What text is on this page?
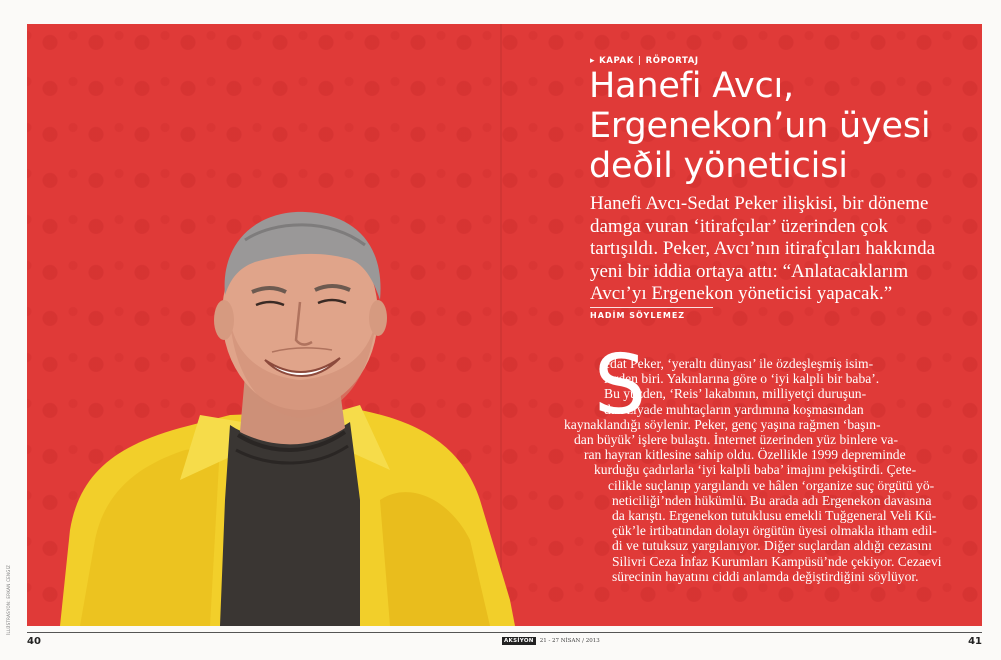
İLLÜSTRASYON: ERKAN CENGİZ
▸ KAPAK | RÖPORTAJ
Hanefi Avcı,
Ergenekon’un üyesi
deðil yöneticisi

Hanefi Avcı-Sedat Peker ilişkisi, bir döneme
damga vuran ‘itirafçılar’ üzerinden çok
tartışıldı. Peker, Avcı’nın itirafçıları hakkında
yeni bir iddia ortaya attı: “Anlatacaklarım
Avcı’yı Ergenekon yöneticisi yapacak.”

HADİM SÖYLEMEZ
S

edat Peker, ‘yeraltı dünyası’ ile özdeşleşmiş isim-
lerden biri. Yakınlarına göre o ‘iyi kalpli bir baba’.
Bu yüzden, ‘Reis’ lakabının, milliyetçi duruşun-
dan ziyade muhtaçların yardımına koşmasından
kaynaklandığı söylenir. Peker, genç yaşına rağmen ‘başın-
dan büyük’ işlere bulaştı. İnternet üzerinden yüz binlere va-
ran hayran kitlesine sahip oldu. Özellikle 1999 depreminde
kurduğu çadırlarla ‘iyi kalpli baba’ imajını pekiştirdi. Çete-
cilikle suçlanıp yargılandı ve hâlen ‘organize suç örgütü yö-
neticiliği’nden hükümlü. Bu arada adı Ergenekon davasına
da karıştı. Ergenekon tutuklusu emekli Tuğgeneral Veli Kü-
çük’le irtibatından dolayı örgütün üyesi olmakla itham edil-
di ve tutuksuz yargılanıyor. Diğer suçlardan aldığı cezasını
Silivri Ceza İnfaz Kurumları Kampüsü’nde çekiyor. Cezaevi
sürecinin hayatını ciddi anlamda değiştirdiğini söylüyor.

40	AKSİYON	21 - 27 NİSAN / 2013	41
